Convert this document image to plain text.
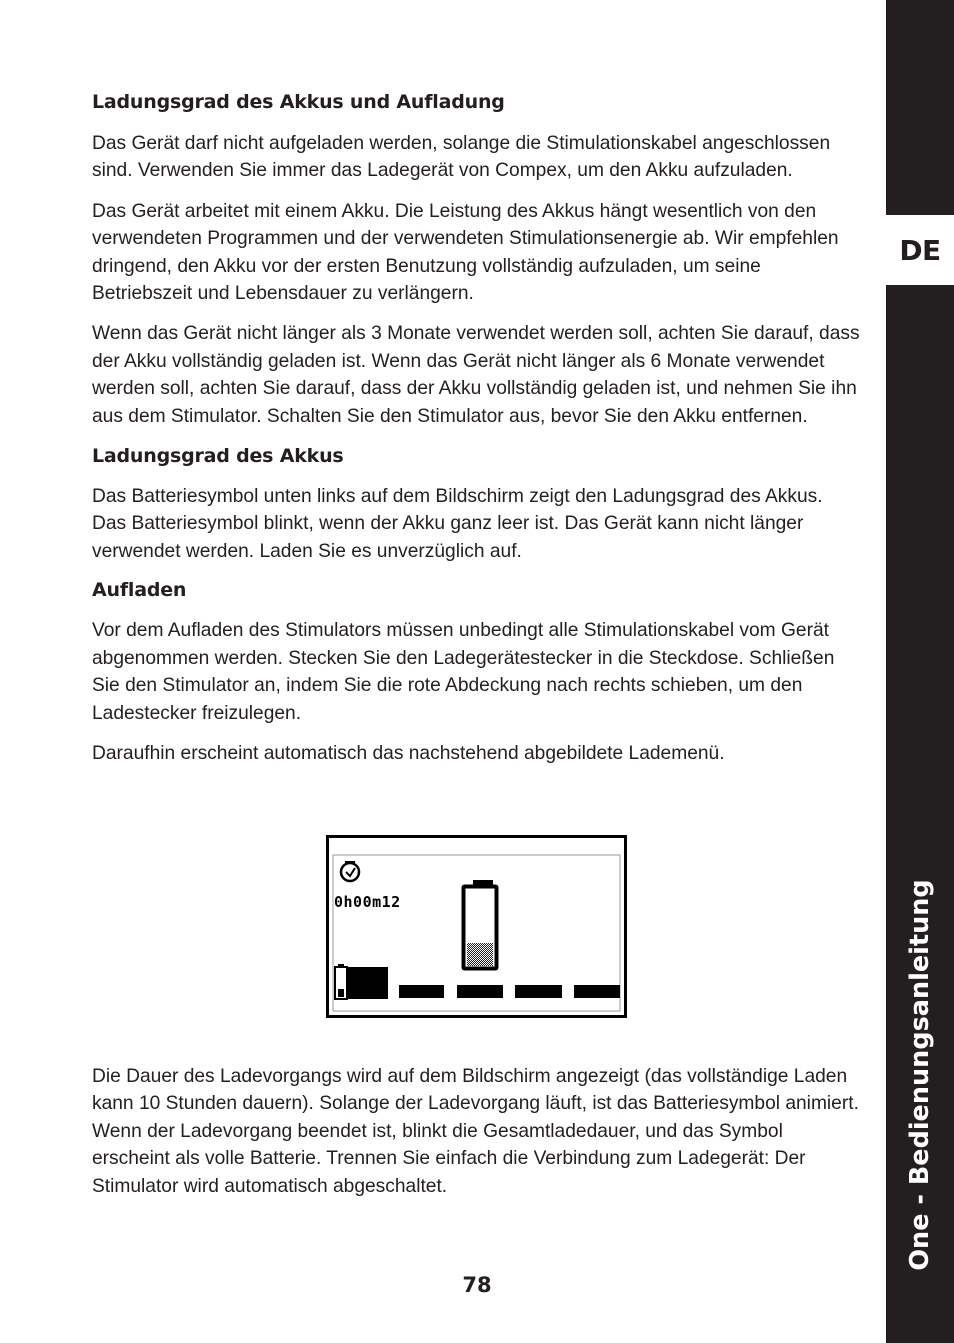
Ladungsgrad des Akkus und Aufladung

Das Gerät darf nicht aufgeladen werden, solange die Stimulationskabel angeschlossen sind. Verwenden Sie immer das Ladegerät von Compex, um den Akku aufzuladen.

Das Gerät arbeitet mit einem Akku. Die Leistung des Akkus hängt wesentlich von den verwendeten Programmen und der verwendeten Stimulationsenergie ab. Wir empfehlen dringend, den Akku vor der ersten Benutzung vollständig aufzuladen, um seine Betriebszeit und Lebensdauer zu verlängern.

Wenn das Gerät nicht länger als 3 Monate verwendet werden soll, achten Sie darauf, dass der Akku vollständig geladen ist. Wenn das Gerät nicht länger als 6 Monate verwendet werden soll, achten Sie darauf, dass der Akku vollständig geladen ist, und nehmen Sie ihn aus dem Stimulator. Schalten Sie den Stimulator aus, bevor Sie den Akku entfernen.

Ladungsgrad des Akkus

Das Batteriesymbol unten links auf dem Bildschirm zeigt den Ladungsgrad des Akkus. Das Batteriesymbol blinkt, wenn der Akku ganz leer ist. Das Gerät kann nicht länger verwendet werden. Laden Sie es unverzüglich auf.

Aufladen

Vor dem Aufladen des Stimulators müssen unbedingt alle Stimulationskabel vom Gerät abgenommen werden. Stecken Sie den Ladegerätestecker in die Steckdose. Schließen Sie den Stimulator an, indem Sie die rote Abdeckung nach rechts schieben, um den Ladestecker freizulegen.

Daraufhin erscheint automatisch das nachstehend abgebildete Lademenü.

0h00m12

Die Dauer des Ladevorgangs wird auf dem Bildschirm angezeigt (das vollständige Laden kann 10 Stunden dauern). Solange der Ladevorgang läuft, ist das Batteriesymbol animiert. Wenn der Ladevorgang beendet ist, blinkt die Gesamtladedauer, und das Symbol erscheint als volle Batterie. Trennen Sie einfach die Verbindung zum Ladegerät: Der Stimulator wird automatisch abgeschaltet.

78
DE
One - Bedienungsanleitung
